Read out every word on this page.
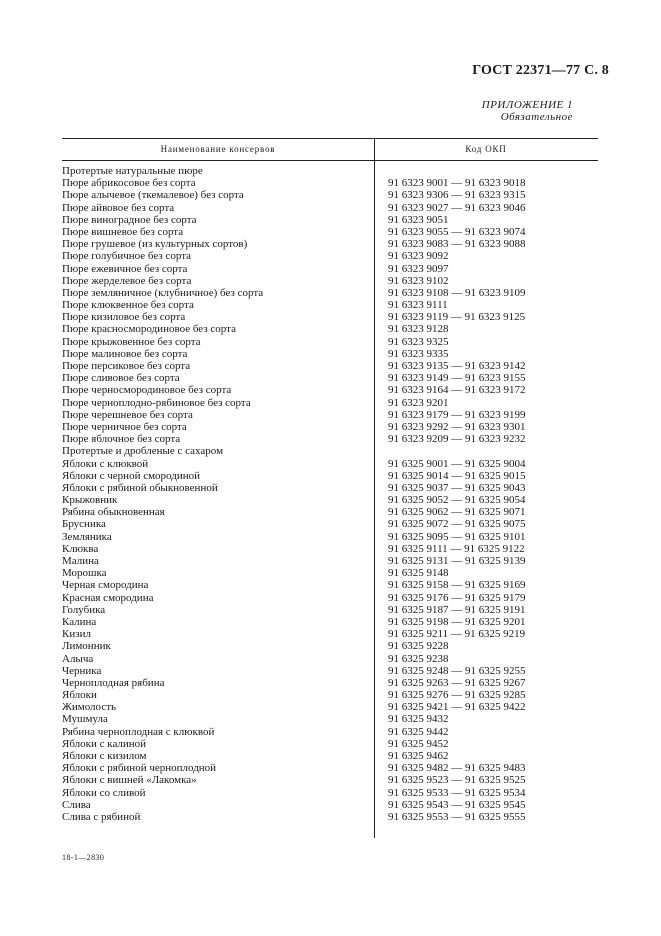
ГОСТ 22371—77 С. 8
ПРИЛОЖЕНИЕ 1
Обязательное
Наименование консервов	Код ОКП
Протертые натуральные пюре
Пюре абрикосовое без сорта	91 6323 9001 — 91 6323 9018
Пюре алычевое (ткемалевое) без сорта	91 6323 9306 — 91 6323 9315
Пюре айвовое без сорта	91 6323 9027 — 91 6323 9046
Пюре виноградное без сорта	91 6323 9051
Пюре вишневое без сорта	91 6323 9055 — 91 6323 9074
Пюре грушевое (из культурных сортов)	91 6323 9083 — 91 6323 9088
Пюре голубичное без сорта	91 6323 9092
Пюре ежевичное без сорта	91 6323 9097
Пюре жерделевое без сорта	91 6323 9102
Пюре земляничное (клубничное) без сорта	91 6323 9108 — 91 6323 9109
Пюре клюквенное без сорта	91 6323 9111
Пюре кизиловое без сорта	91 6323 9119 — 91 6323 9125
Пюре красносмородиновое без сорта	91 6323 9128
Пюре крыжовенное без сорта	91 6323 9325
Пюре малиновое без сорта	91 6323 9335
Пюре персиковое без сорта	91 6323 9135 — 91 6323 9142
Пюре сливовое без сорта	91 6323 9149 — 91 6323 9155
Пюре черносмородиновое без сорта	91 6323 9164 — 91 6323 9172
Пюре черноплодно-рябиновое без сорта	91 6323 9201
Пюре черешневое без сорта	91 6323 9179 — 91 6323 9199
Пюре черничное без сорта	91 6323 9292 — 91 6323 9301
Пюре яблочное без сорта	91 6323 9209 — 91 6323 9232
Протертые и дробленые с сахаром
Яблоки с клюквой	91 6325 9001 — 91 6325 9004
Яблоки с черной смородиной	91 6325 9014 — 91 6325 9015
Яблоки с рябиной обыкновенной	91 6325 9037 — 91 6325 9043
Крыжовник	91 6325 9052 — 91 6325 9054
Рябина обыкновенная	91 6325 9062 — 91 6325 9071
Брусника	91 6325 9072 — 91 6325 9075
Земляника	91 6325 9095 — 91 6325 9101
Клюква	91 6325 9111 — 91 6325 9122
Малина	91 6325 9131 — 91 6325 9139
Морошка	91 6325 9148
Черная смородина	91 6325 9158 — 91 6325 9169
Красная смородина	91 6325 9176 — 91 6325 9179
Голубика	91 6325 9187 — 91 6325 9191
Калина	91 6325 9198 — 91 6325 9201
Кизил	91 6325 9211 — 91 6325 9219
Лимонник	91 6325 9228
Алыча	91 6325 9238
Черника	91 6325 9248 — 91 6325 9255
Черноплодная рябина	91 6325 9263 — 91 6325 9267
Яблоки	91 6325 9276 — 91 6325 9285
Жимолость	91 6325 9421 — 91 6325 9422
Мушмула	91 6325 9432
Рябина черноплодная с клюквой	91 6325 9442
Яблоки с калиной	91 6325 9452
Яблоки с кизилом	91 6325 9462
Яблоки с рябиной черноплодной	91 6325 9482 — 91 6325 9483
Яблоки с вишней «Лакомка»	91 6325 9523 — 91 6325 9525
Яблоки со сливой	91 6325 9533 — 91 6325 9534
Слива	91 6325 9543 — 91 6325 9545
Слива с рябиной	91 6325 9553 — 91 6325 9555
18-1—2830
